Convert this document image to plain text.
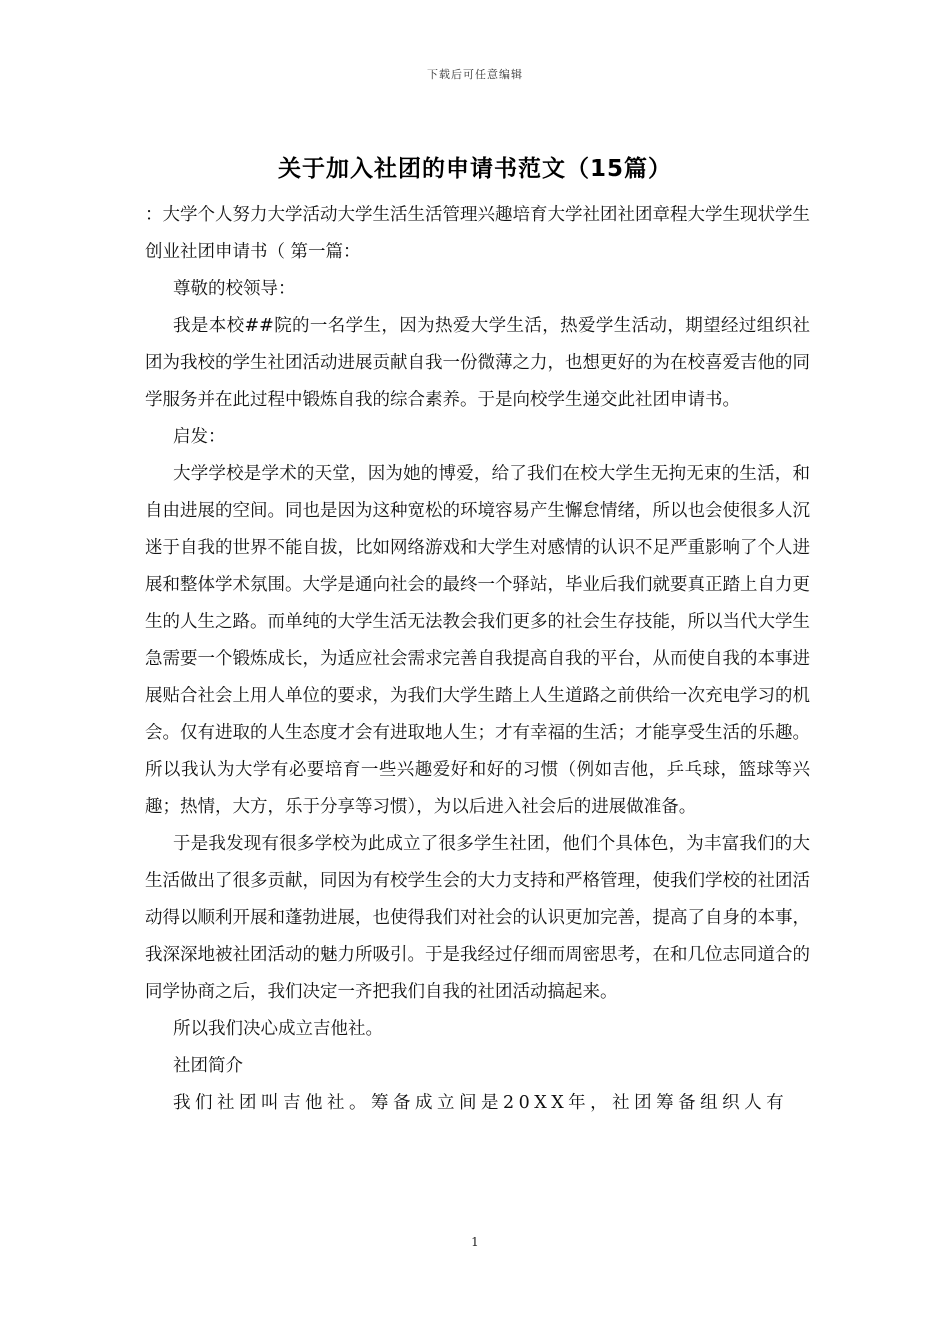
下载后可任意编辑
关于加入社团的申请书范文（15篇）

：大学个人努力大学活动大学生活生活管理兴趣培育大学社团社团章程大学生现状学生创业社团申请书（ 第一篇：

尊敬的校领导：

我是本校##院的一名学生，因为热爱大学生活，热爱学生活动，期望经过组织社团为我校的学生社团活动进展贡献自我一份微薄之力，也想更好的为在校喜爱吉他的同学服务并在此过程中锻炼自我的综合素养。于是向校学生递交此社团申请书。

启发：

大学学校是学术的天堂，因为她的博爱，给了我们在校大学生无拘无束的生活，和自由进展的空间。同也是因为这种宽松的环境容易产生懈怠情绪，所以也会使很多人沉迷于自我的世界不能自拔，比如网络游戏和大学生对感情的认识不足严重影响了个人进展和整体学术氛围。大学是通向社会的最终一个驿站，毕业后我们就要真正踏上自力更生的人生之路。而单纯的大学生活无法教会我们更多的社会生存技能，所以当代大学生急需要一个锻炼成长，为适应社会需求完善自我提高自我的平台，从而使自我的本事进展贴合社会上用人单位的要求，为我们大学生踏上人生道路之前供给一次充电学习的机会。仅有进取的人生态度才会有进取地人生；才有幸福的生活；才能享受生活的乐趣。所以我认为大学有必要培育一些兴趣爱好和好的习惯（例如吉他，乒乓球，篮球等兴趣；热情，大方，乐于分享等习惯），为以后进入社会后的进展做准备。

于是我发现有很多学校为此成立了很多学生社团，他们个具体色，为丰富我们的大生活做出了很多贡献，同因为有校学生会的大力支持和严格管理，使我们学校的社团活动得以顺利开展和蓬勃进展，也使得我们对社会的认识更加完善，提高了自身的本事，我深深地被社团活动的魅力所吸引。于是我经过仔细而周密思考，在和几位志同道合的同学协商之后，我们决定一齐把我们自我的社团活动搞起来。

所以我们决心成立吉他社。

社团简介

我们社团叫吉他社。筹备成立间是20XX年，社团筹备组织人有

1
